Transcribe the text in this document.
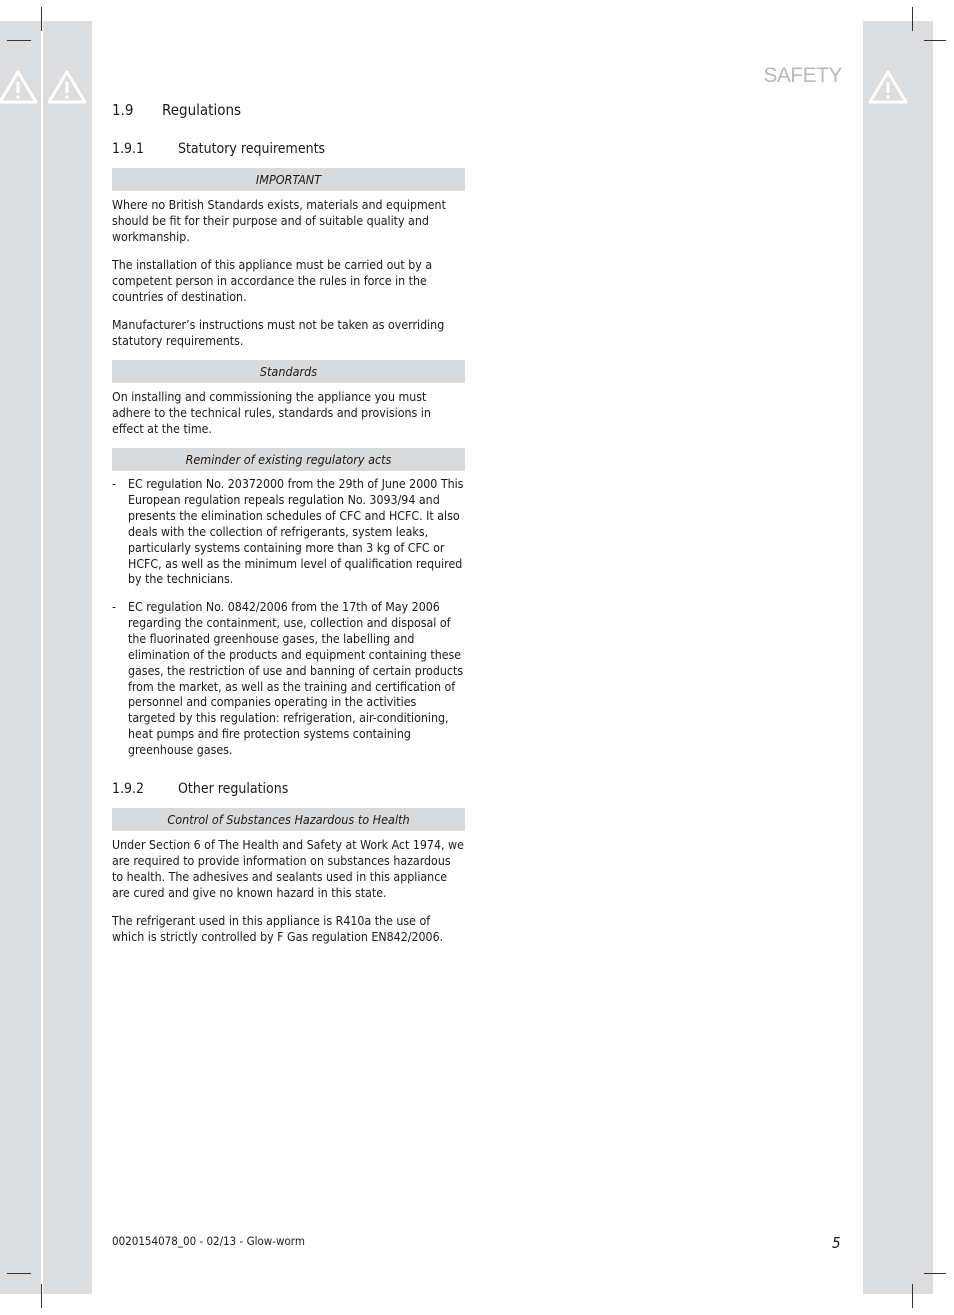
SAFETY
1.9 Regulations
1.9.1 Statutory requirements
IMPORTANT

Where no British Standards exists, materials and equipment should be fit for their purpose and of suitable quality and workmanship.

The installation of this appliance must be carried out by a competent person in accordance the rules in force in the countries of destination.

Manufacturer’s instructions must not be taken as overriding statutory requirements.

Standards

On installing and commissioning the appliance you must adhere to the technical rules, standards and provisions in effect at the time.

Reminder of existing regulatory acts
- EC regulation No. 20372000 from the 29th of June 2000 This European regulation repeals regulation No. 3093/94 and presents the elimination schedules of CFC and HCFC. It also deals with the collection of refrigerants, system leaks, particularly systems containing more than 3 kg of CFC or HCFC, as well as the minimum level of qualification required by the technicians.
- EC regulation No. 0842/2006 from the 17th of May 2006 regarding the containment, use, collection and disposal of the fluorinated greenhouse gases, the labelling and elimination of the products and equipment containing these gases, the restriction of use and banning of certain products from the market, as well as the training and certification of personnel and companies operating in the activities targeted by this regulation: refrigeration, air-conditioning, heat pumps and fire protection systems containing greenhouse gases.
1.9.2 Other regulations
Control of Substances Hazardous to Health

Under Section 6 of The Health and Safety at Work Act 1974, we are required to provide information on substances hazardous to health. The adhesives and sealants used in this appliance are cured and give no known hazard in this state.

The refrigerant used in this appliance is R410a the use of which is strictly controlled by F Gas regulation EN842/2006.

0020154078_00 - 02/13 - Glow-worm	5
